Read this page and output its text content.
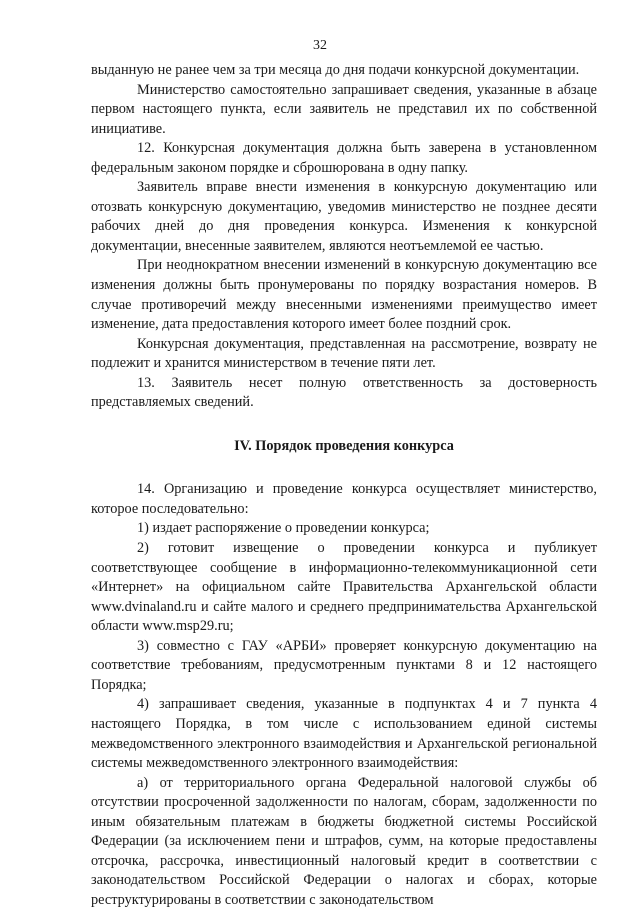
32

выданную не ранее чем за три месяца до дня подачи конкурсной документации.

Министерство самостоятельно запрашивает сведения, указанные в абзаце первом настоящего пункта, если заявитель не представил их по собственной инициативе.

12. Конкурсная документация должна быть заверена в установленном федеральным законом порядке и сброшюрована в одну папку.

Заявитель вправе внести изменения в конкурсную документацию или отозвать конкурсную документацию, уведомив министерство не позднее десяти рабочих дней до дня проведения конкурса. Изменения к конкурсной документации, внесенные заявителем, являются неотъемлемой ее частью.

При неоднократном внесении изменений в конкурсную документацию все изменения должны быть пронумерованы по порядку возрастания номеров. В случае противоречий между внесенными изменениями преимущество имеет изменение, дата предоставления которого имеет более поздний срок.

Конкурсная документация, представленная на рассмотрение, возврату не подлежит и хранится министерством в течение пяти лет.

13. Заявитель несет полную ответственность за достоверность представляемых сведений.

IV. Порядок проведения конкурса

14. Организацию и проведение конкурса осуществляет министерство, которое последовательно:

1) издает распоряжение о проведении конкурса;

2) готовит извещение о проведении конкурса и публикует соответствующее сообщение в информационно-телекоммуникационной сети «Интернет» на официальном сайте Правительства Архангельской области www.dvinaland.ru и сайте малого и среднего предпринимательства Архангельской области www.msp29.ru;

3) совместно с ГАУ «АРБИ» проверяет конкурсную документацию на соответствие требованиям, предусмотренным пунктами 8 и 12 настоящего Порядка;

4) запрашивает сведения, указанные в подпунктах 4 и 7 пункта 4 настоящего Порядка, в том числе с использованием единой системы межведомственного электронного взаимодействия и Архангельской региональной системы межведомственного электронного взаимодействия:

а) от территориального органа Федеральной налоговой службы об отсутствии просроченной задолженности по налогам, сборам, задолженности по иным обязательным платежам в бюджеты бюджетной системы Российской Федерации (за исключением пени и штрафов, сумм, на которые предоставлены отсрочка, рассрочка, инвестиционный налоговый кредит в соответствии с законодательством Российской Федерации о налогах и сборах, которые реструктурированы в соответствии с законодательством
